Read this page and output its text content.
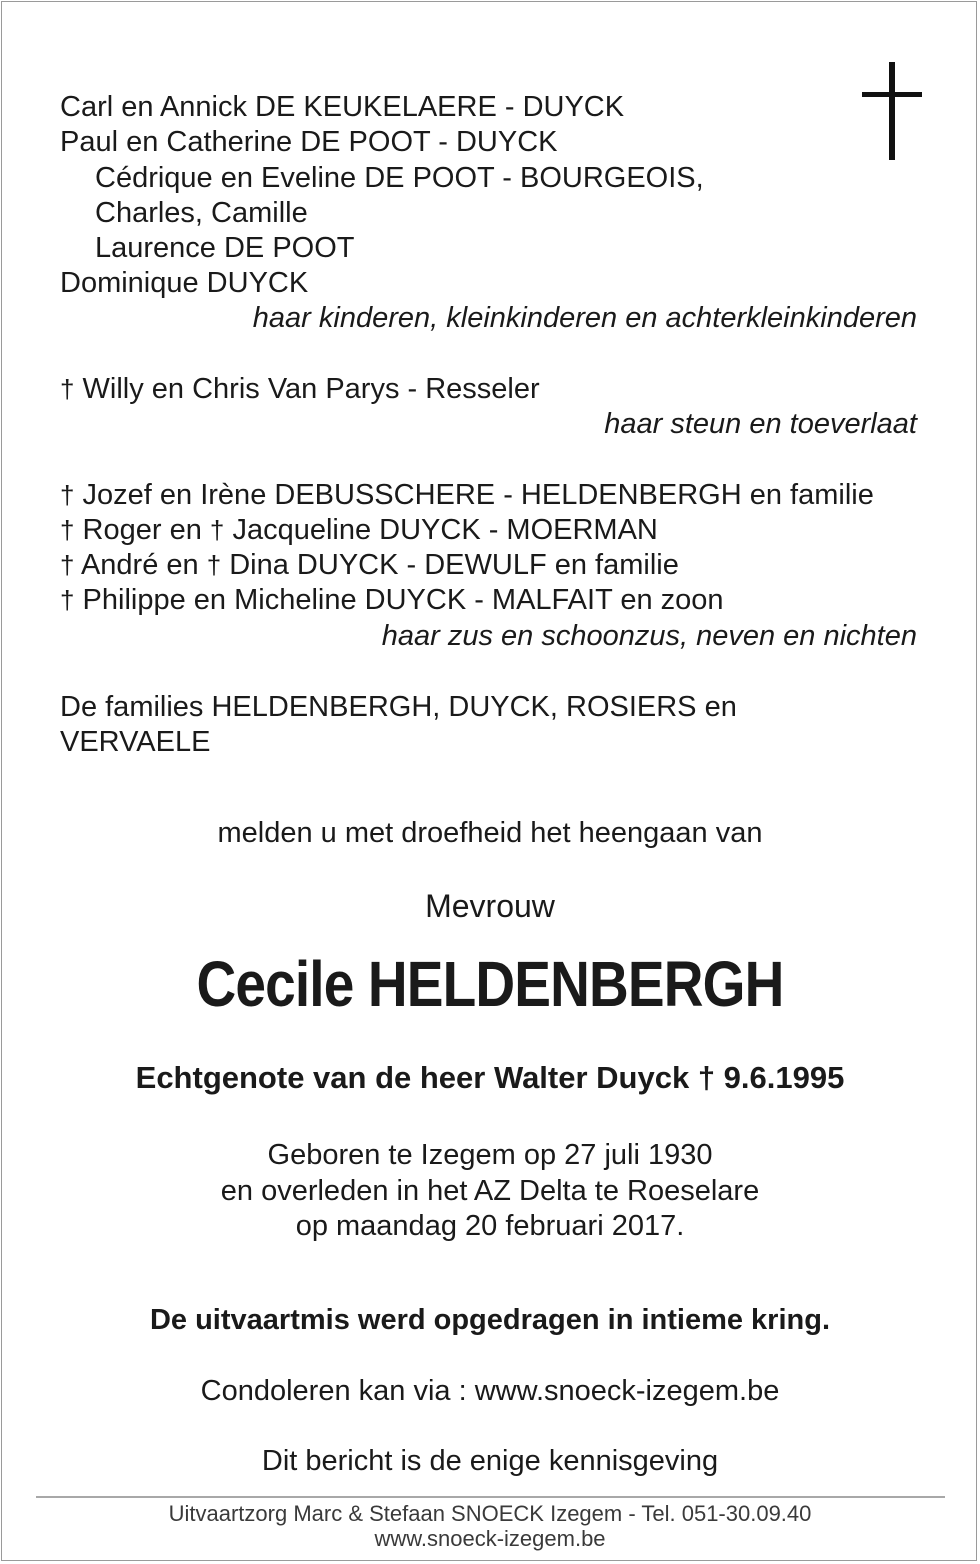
Carl en Annick DE KEUKELAERE - DUYCK
Paul en Catherine DE POOT - DUYCK
Cédrique en Eveline DE POOT - BOURGEOIS,
Charles, Camille
Laurence DE POOT
Dominique DUYCK
haar kinderen, kleinkinderen en achterkleinkinderen
† Willy en Chris Van Parys - Resseler
haar steun en toeverlaat
† Jozef en Irène DEBUSSCHERE - HELDENBERGH en familie
† Roger en † Jacqueline DUYCK - MOERMAN
† André en † Dina DUYCK - DEWULF en familie
† Philippe en Micheline DUYCK - MALFAIT en zoon
haar zus en schoonzus, neven en nichten
De families HELDENBERGH, DUYCK, ROSIERS en
VERVAELE
melden u met droefheid het heengaan van
Mevrouw
Cecile HELDENBERGH
Echtgenote van de heer Walter Duyck † 9.6.1995
Geboren te Izegem op 27 juli 1930
en overleden in het AZ Delta te Roeselare
op maandag 20 februari 2017.
De uitvaartmis werd opgedragen in intieme kring.
Condoleren kan via : www.snoeck-izegem.be
Dit bericht is de enige kennisgeving
Uitvaartzorg Marc & Stefaan SNOECK Izegem - Tel. 051-30.09.40
www.snoeck-izegem.be
